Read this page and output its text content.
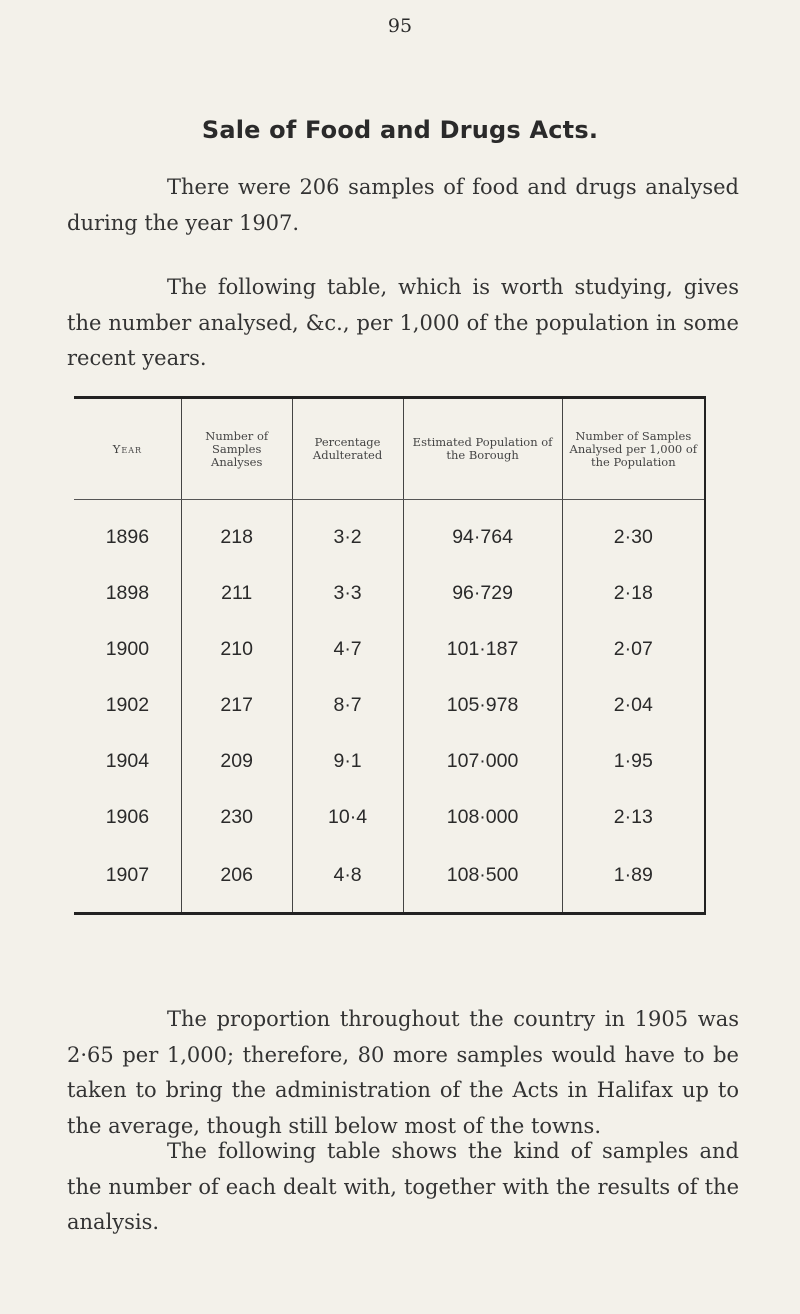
95
Sale of Food and Drugs Acts.

There were 206 samples of food and drugs analysed during the year 1907.

The following table, which is worth studying, gives the number analysed, &c., per 1,000 of the population in some recent years.

Year	Number of Samples Analyses	Percentage Adulterated	Estimated Population of the Borough	Number of Samples Analysed per 1,000 of the Population
1896	218	3·2	94·764	2·30
1898	211	3·3	96·729	2·18
1900	210	4·7	101·187	2·07
1902	217	8·7	105·978	2·04
1904	209	9·1	107·000	1·95
1906	230	10·4	108·000	2·13
1907	206	4·8	108·500	1·89

The proportion throughout the country in 1905 was 2·65 per 1,000; therefore, 80 more samples would have to be taken to bring the administration of the Acts in Halifax up to the average, though still below most of the towns.

The following table shows the kind of samples and the number of each dealt with, together with the results of the analysis.
